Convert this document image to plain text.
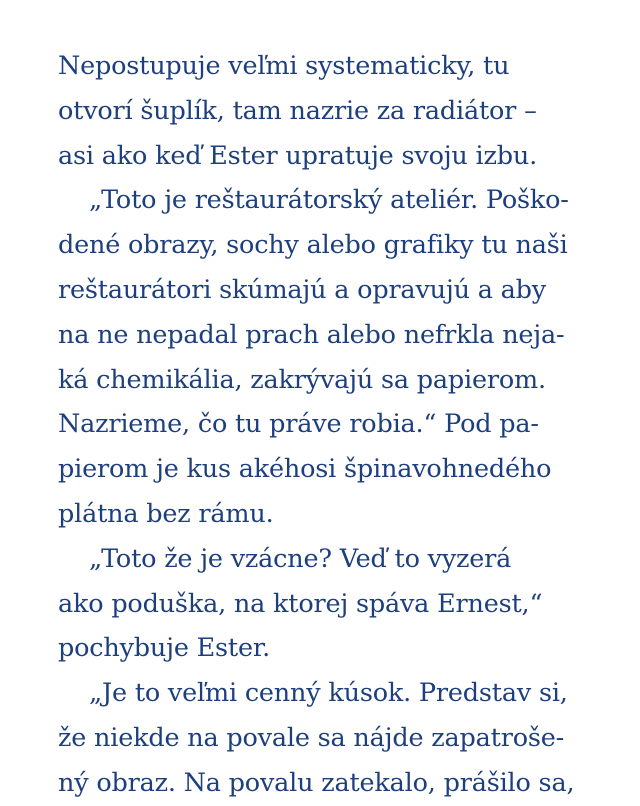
Nepostupuje veľmi systematicky, tu
otvorí šuplík, tam nazrie za radiátor –
asi ako keď Ester upratuje svoju izbu.
„Toto je reštaurátorský ateliér. Poško-
dené obrazy, sochy alebo grafiky tu naši
reštaurátori skúmajú a opravujú a aby
na ne nepadal prach alebo nefrkla neja-
ká chemikália, zakrývajú sa papierom.
Nazrieme, čo tu práve robia.“ Pod pa-
pierom je kus akéhosi špinavohnedého
plátna bez rámu.
„Toto že je vzácne? Veď to vyzerá
ako poduška, na ktorej spáva Ernest,“
pochybuje Ester.
„Je to veľmi cenný kúsok. Predstav si,
že niekde na povale sa nájde zapatroše-
ný obraz. Na povalu zatekalo, prášilo sa,
